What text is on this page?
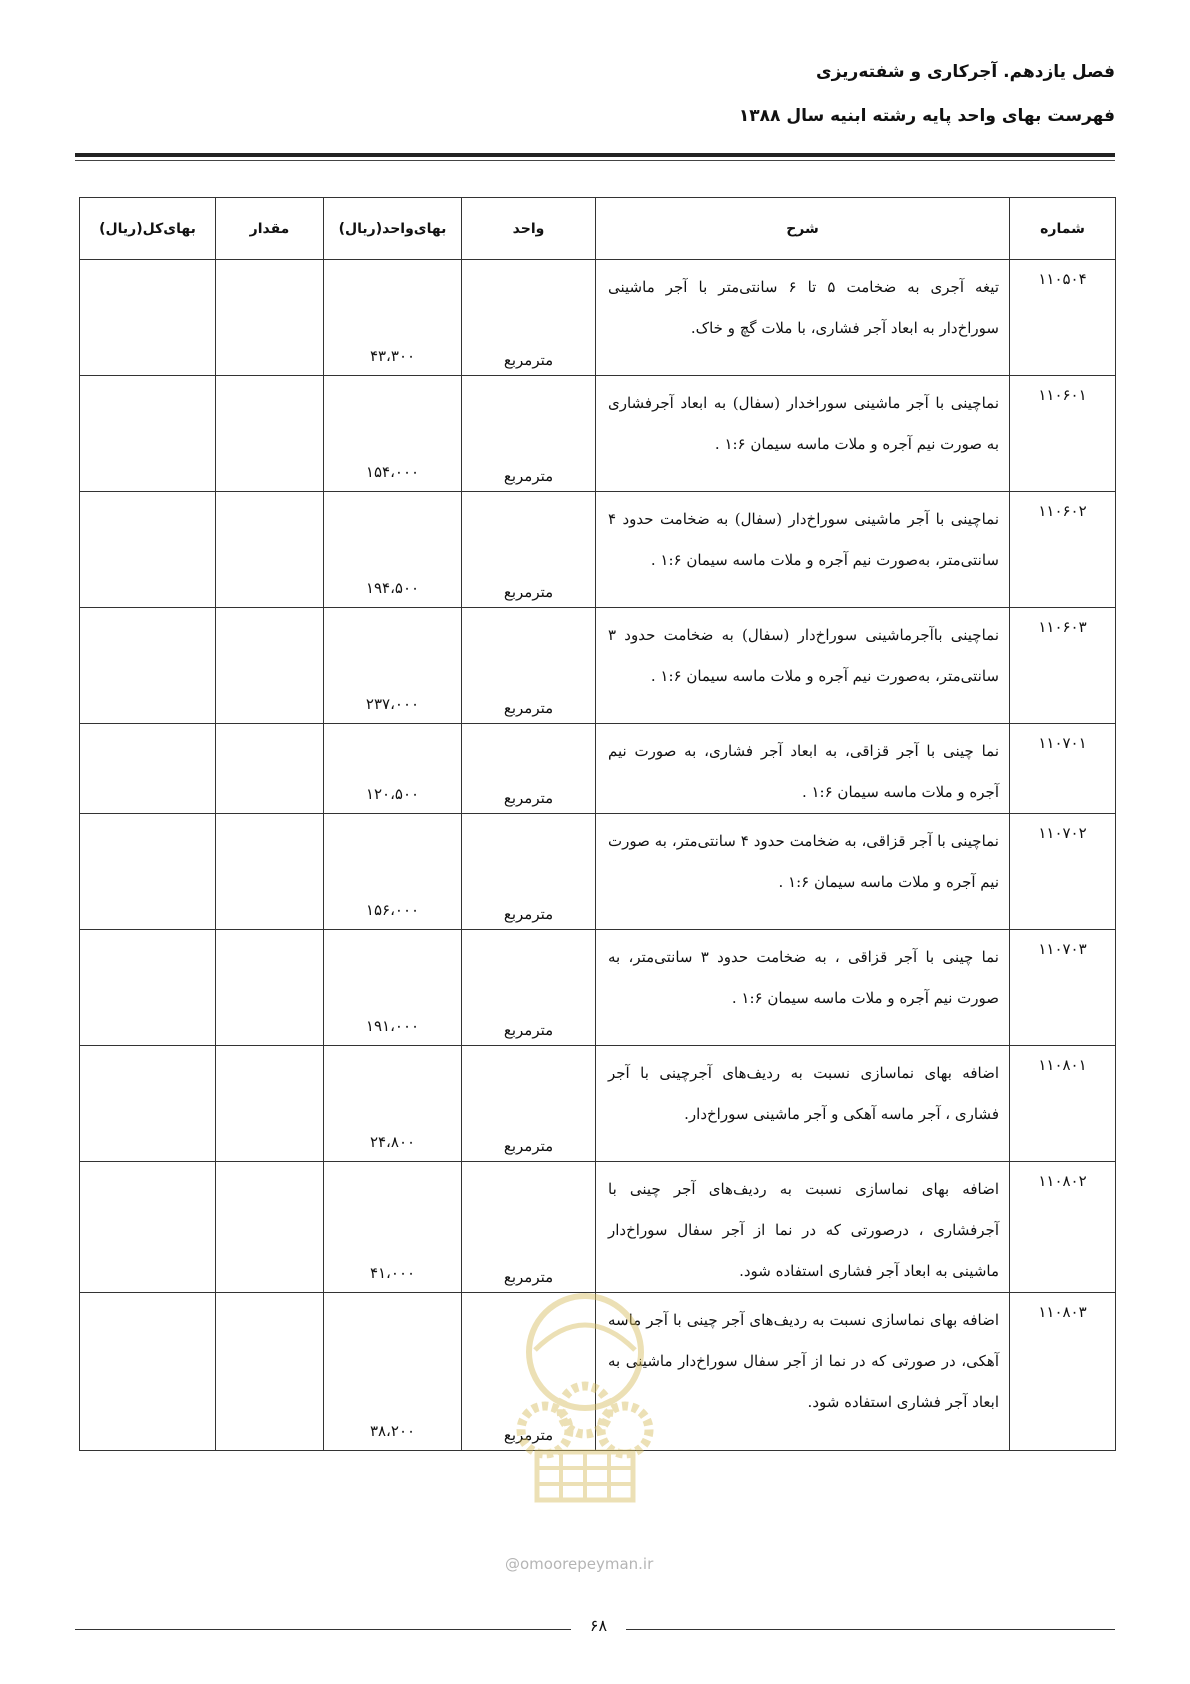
فصل یازدهم. آجرکاری و شفته‌ریزی
فهرست بهای واحد پایه رشته ابنیه سال ۱۳۸۸
شماره	شرح	واحد	بهای‌واحد(ریال)	مقدار	بهای‌کل(ریال)
۱۱۰۵۰۴	تیغه آجری به ضخامت ۵ تا ۶ سانتی‌متر با آجر ماشینی سوراخ‌دار به ابعاد آجر فشاری، با ملات گچ و خاک.	مترمربع	۴۳،۳۰۰		
۱۱۰۶۰۱	نماچینی با آجر ماشینی سوراخدار (سفال) به ابعاد آجرفشاری به صورت نیم آجره و ملات ماسه سیمان ۱:۶ .	مترمربع	۱۵۴،۰۰۰		
۱۱۰۶۰۲	نماچینی با آجر ماشینی سوراخ‌دار (سفال) به ضخامت حدود ۴ سانتی‌متر، به‌صورت نیم آجره و ملات ماسه سیمان ۱:۶ .	مترمربع	۱۹۴،۵۰۰		
۱۱۰۶۰۳	نماچینی باآجرماشینی سوراخ‌دار (سفال) به ضخامت حدود ۳ سانتی‌متر، به‌صورت نیم آجره و ملات ماسه سیمان ۱:۶ .	مترمربع	۲۳۷،۰۰۰		
۱۱۰۷۰۱	نما چینی با آجر قزاقی، به ابعاد آجر فشاری، به صورت نیم آجره و ملات ماسه سیمان ۱:۶ .	مترمربع	۱۲۰،۵۰۰		
۱۱۰۷۰۲	نماچینی با آجر قزاقی، به ضخامت حدود ۴ سانتی‌متر، به صورت نیم آجره و ملات ماسه سیمان ۱:۶ .	مترمربع	۱۵۶،۰۰۰		
۱۱۰۷۰۳	نما چینی با آجر قزاقی ، به ضخامت حدود ۳ سانتی‌متر، به صورت نیم آجره و ملات ماسه سیمان ۱:۶ .	مترمربع	۱۹۱،۰۰۰		
۱۱۰۸۰۱	اضافه بهای نماسازی نسبت به ردیف‌های آجرچینی با آجر فشاری ، آجر ماسه آهکی و آجر ماشینی سوراخ‌دار.	مترمربع	۲۴،۸۰۰		
۱۱۰۸۰۲	اضافه بهای نماسازی نسبت به ردیف‌های آجر چینی با آجرفشاری ، درصورتی که در نما از آجر سفال سوراخ‌دار ماشینی به ابعاد آجر فشاری استفاده شود.	مترمربع	۴۱،۰۰۰		
۱۱۰۸۰۳	اضافه بهای نماسازی نسبت به ردیف‌های آجر چینی با آجر ماسه آهکی، در صورتی که در نما از آجر سفال سوراخ‌دار ماشینی به ابعاد آجر فشاری استفاده شود.	مترمربع	۳۸،۲۰۰		
@omoorepeyman.ir
۶۸
